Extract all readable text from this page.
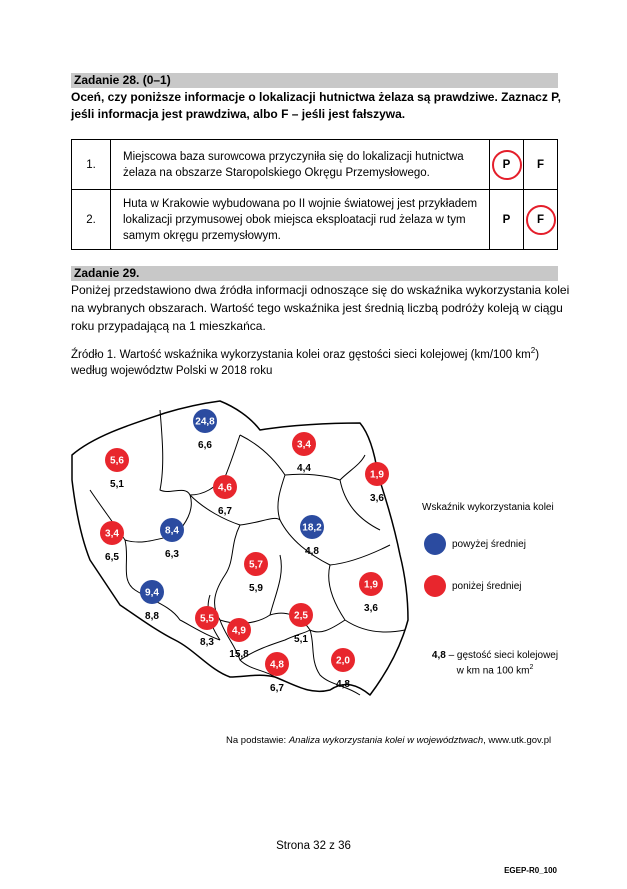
Zadanie 28. (0–1)
Oceń, czy poniższe informacje o lokalizacji hutnictwa żelaza są prawdziwe. Zaznacz P, jeśli informacja jest prawdziwa, albo F – jeśli jest fałszywa.
1.	Miejscowa baza surowcowa przyczyniła się do lokalizacji hutnictwa żelaza na obszarze Staropolskiego Okręgu Przemysłowego.	P	F
2.	Huta w Krakowie wybudowana po II wojnie światowej jest przykładem lokalizacji przymusowej obok miejsca eksploatacji rud żelaza w tym samym okręgu przemysłowym.	P	F
Zadanie 29.
Poniżej przedstawiono dwa źródła informacji odnoszące się do wskaźnika wykorzystania kolei na wybranych obszarach. Wartość tego wskaźnika jest średnią liczbą podróży koleją w ciągu roku przypadającą na 1 mieszkańca.
Źródło 1. Wartość wskaźnika wykorzystania kolei oraz gęstości sieci kolejowej (km/100 $km^2$)
według województw Polski w 2018 roku
5,6
5,1
24,8
6,6	3,4
4,4
1,9
3,6
4,6
6,7
3,4
6,5
8,4
6,3
18,2
4,8
5,7
5,9	1,9
3,6
9,4
8,8	5,5
8,3
4,9
15,8
2,5
5,1
4,8
6,7
2,0
4,8
Wskaźnik wykorzystania kolei
powyżej średniej
poniżej średniej
4,8 – gęstość sieci kolejowej
w km na 100 $km^2$
Na podstawie: Analiza wykorzystania kolei w województwach, www.utk.gov.pl
Strona 32 z 36
EGEP-R0_100
